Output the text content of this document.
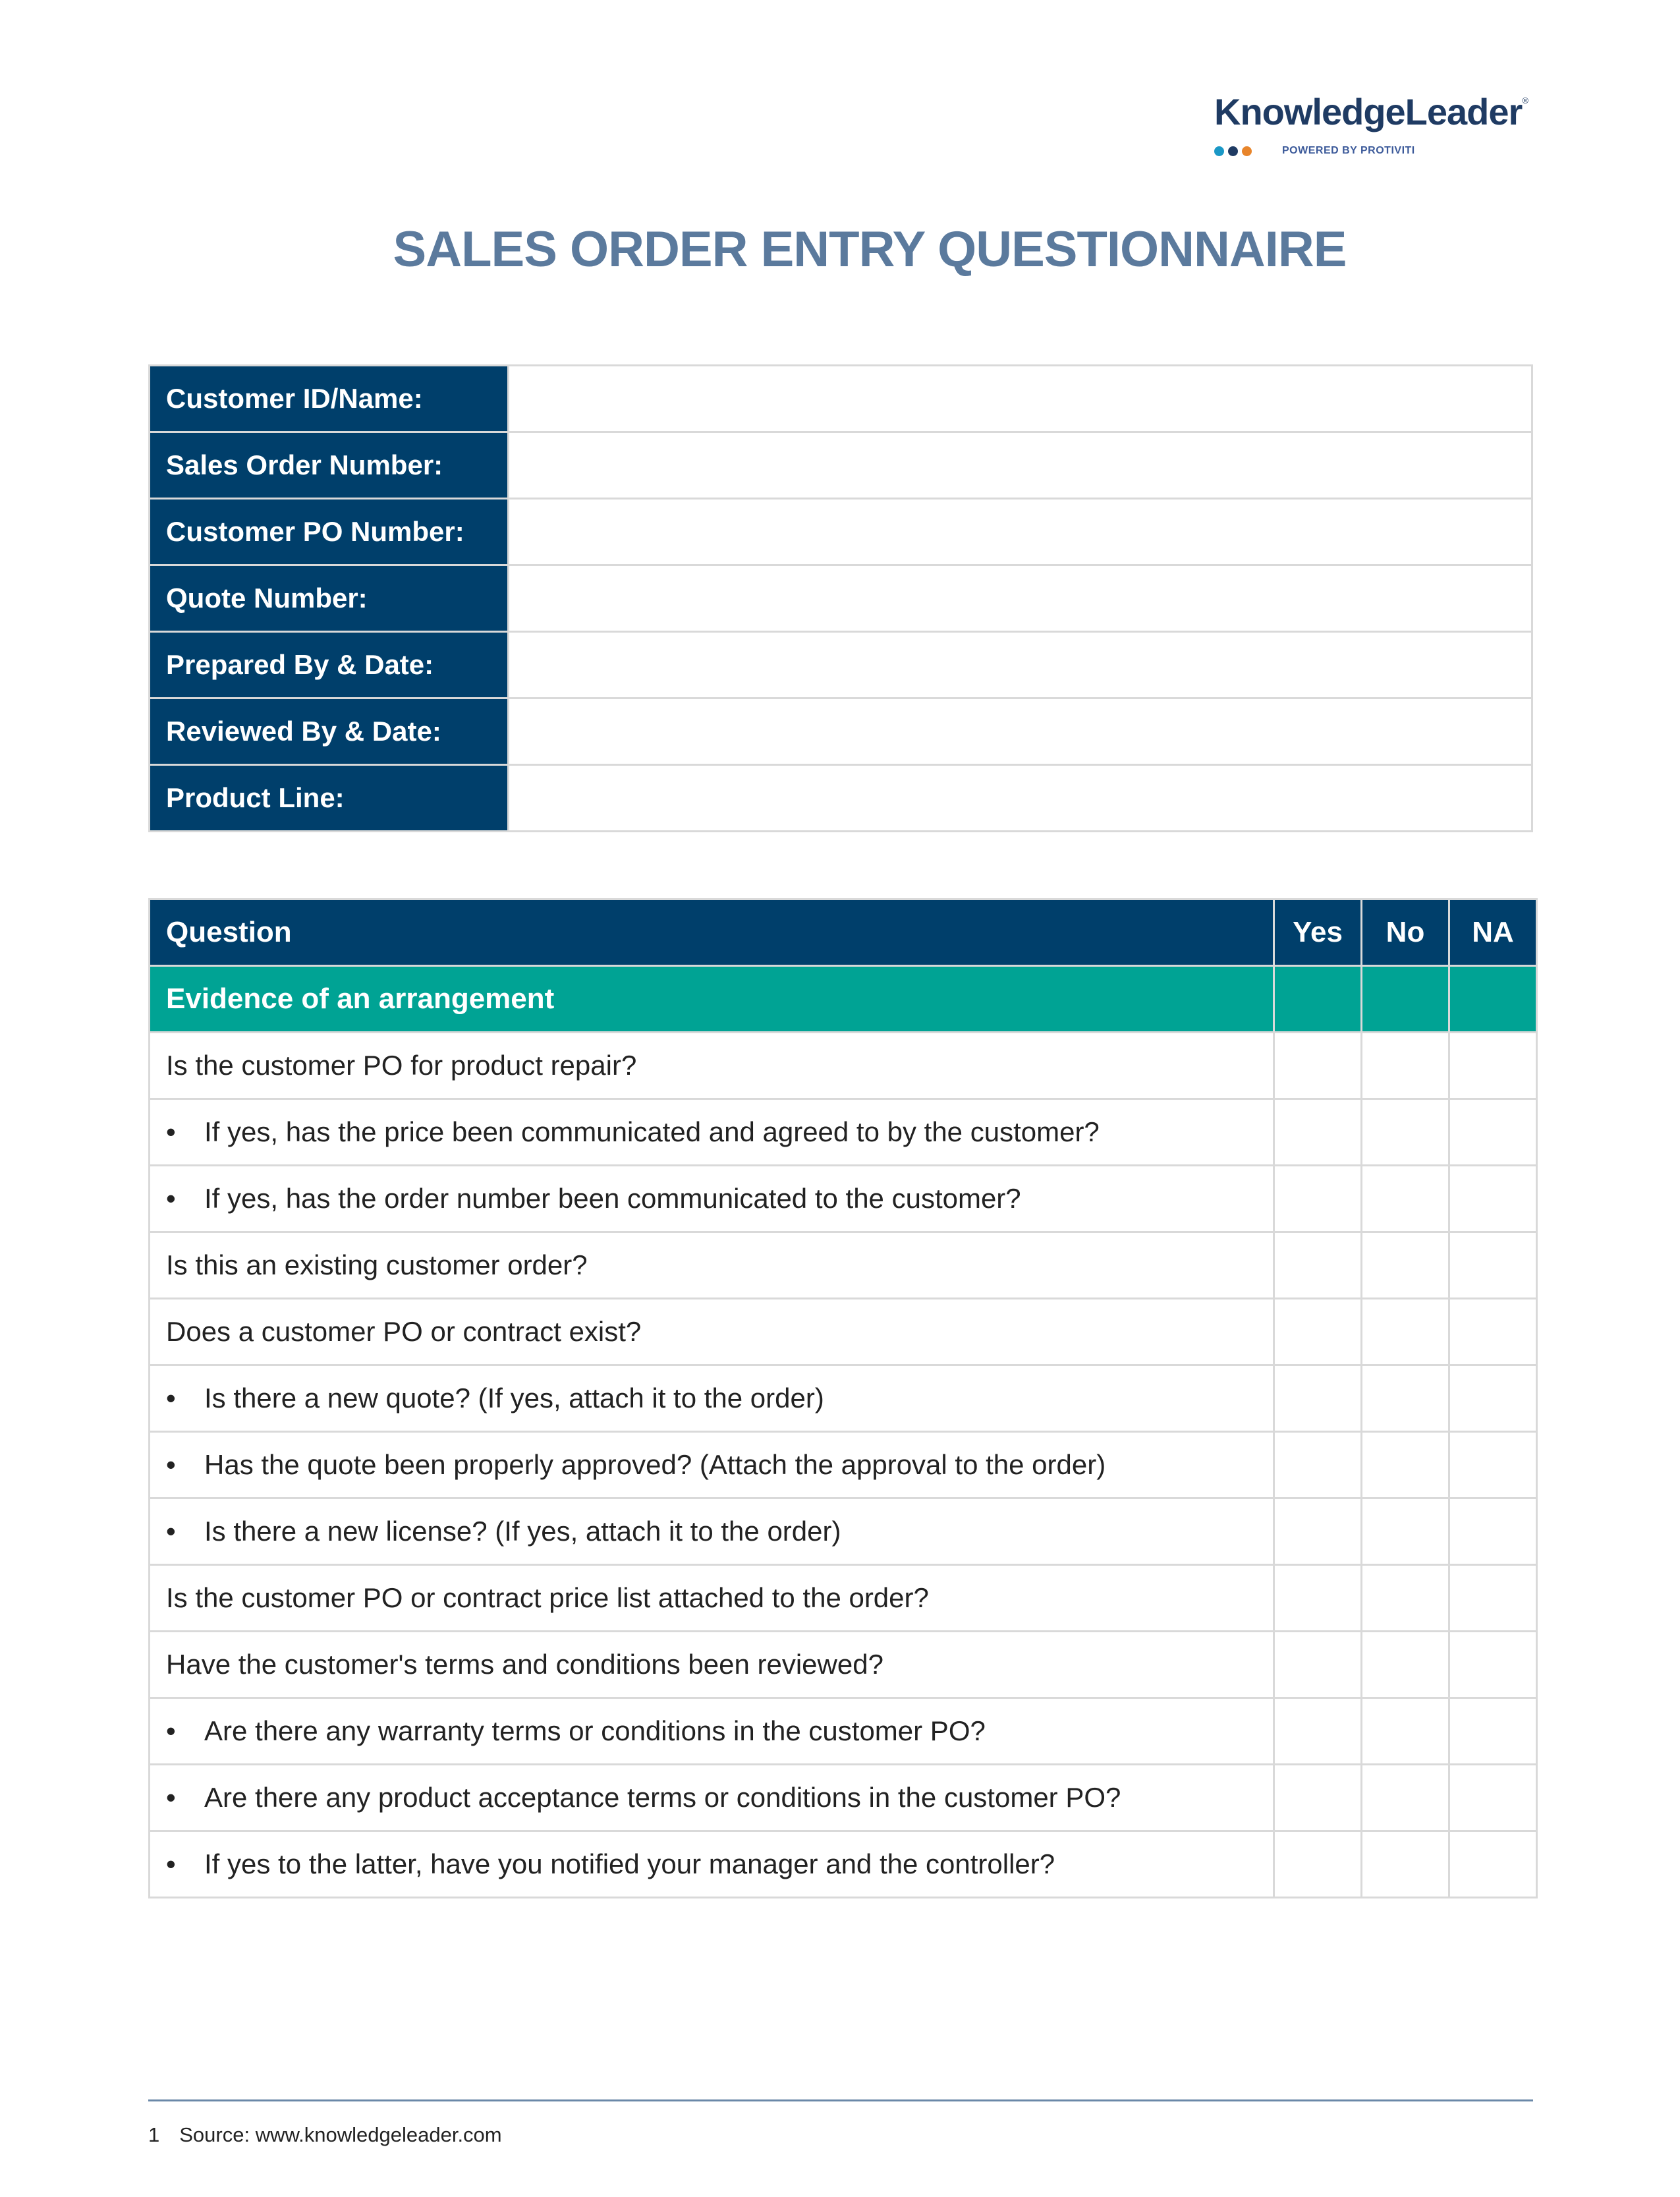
KnowledgeLeader®
POWERED BY PROTIVITI
SALES ORDER ENTRY QUESTIONNAIRE
Customer ID/Name:	
Sales Order Number:	
Customer PO Number:	
Quote Number:	
Prepared By & Date:	
Reviewed By & Date:	
Product Line:	
Question	Yes	No	NA
Evidence of an arrangement			
Is the customer PO for product repair?			
• If yes, has the price been communicated and agreed to by the customer?			
• If yes, has the order number been communicated to the customer?			
Is this an existing customer order?			
Does a customer PO or contract exist?			
• Is there a new quote? (If yes, attach it to the order)			
• Has the quote been properly approved? (Attach the approval to the order)			
• Is there a new license? (If yes, attach it to the order)			
Is the customer PO or contract price list attached to the order?			
Have the customer's terms and conditions been reviewed?			
• Are there any warranty terms or conditions in the customer PO?			
• Are there any product acceptance terms or conditions in the customer PO?			
• If yes to the latter, have you notified your manager and the controller?			
1 Source: www.knowledgeleader.com
